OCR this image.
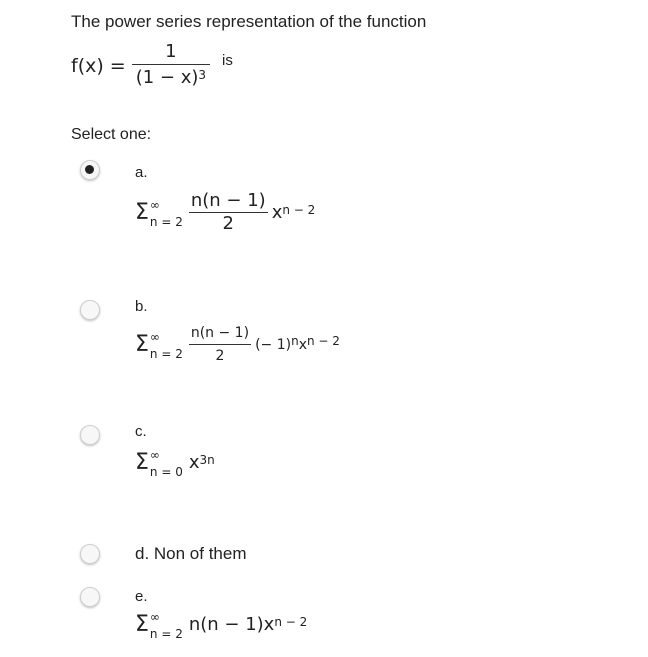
The power series representation of the function
$f(x) = \frac{1}{(1 - x)^3}$ is
Select one:
a.
Σ ∞
$n = 2 \frac{n(n - 1)}{2} x^{n - 2}$
b.
Σ ∞
$n = 2 \frac{n(n - 1)}{2}$ (− 1)$^n$ $x^{n - 2}$
c.
Σ ∞
n = 0 $x^{3n}$
d. Non of them
e.
Σ ∞
n = 2 $n(n - 1)x^{n - 2}$
